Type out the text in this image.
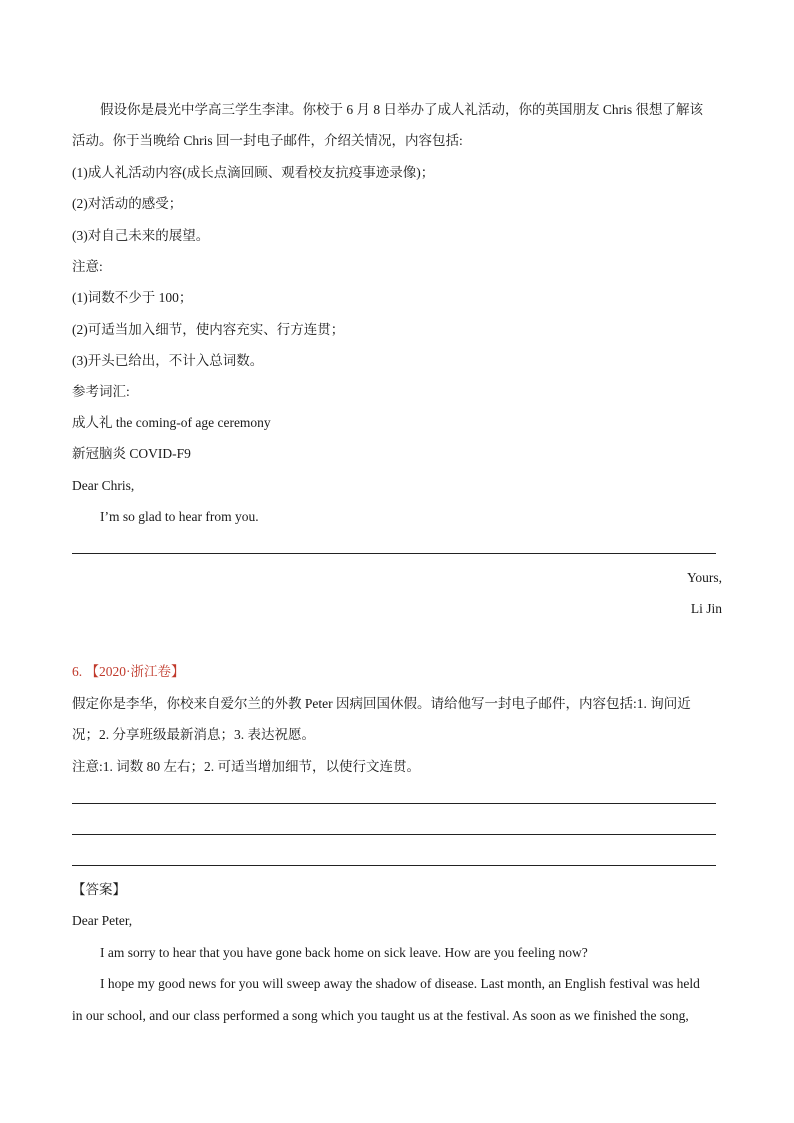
假设你是晨光中学高三学生李津。你校于 6 月 8 日举办了成人礼活动，你的英国朋友 Chris 很想了解该
活动。你于当晚给 Chris 回一封电子邮件，介绍关情况，内容包括:
(1)成人礼活动内容(成长点滴回顾、观看校友抗疫事迹录像)；
(2)对活动的感受；
(3)对自己未来的展望。
注意:
(1)词数不少于 100；
(2)可适当加入细节，使内容充实、行方连贯；
(3)开头已给出，不计入总词数。
参考词汇:
成人礼 the coming-of age ceremony
新冠脑炎 COVID-F9
Dear Chris,
I’m so glad to hear from you.
Yours,
Li Jin
6. 【2020·浙江卷】
假定你是李华，你校来自爱尔兰的外教 Peter 因病回国休假。请给他写一封电子邮件，内容包括:1. 询问近
况；2. 分享班级最新消息；3. 表达祝愿。
注意:1. 词数 80 左右；2. 可适当增加细节，以使行文连贯。
【答案】
Dear Peter,
I am sorry to hear that you have gone back home on sick leave. How are you feeling now?
I hope my good news for you will sweep away the shadow of disease. Last month, an English festival was held
in our school, and our class performed a song which you taught us at the festival. As soon as we finished the song,
